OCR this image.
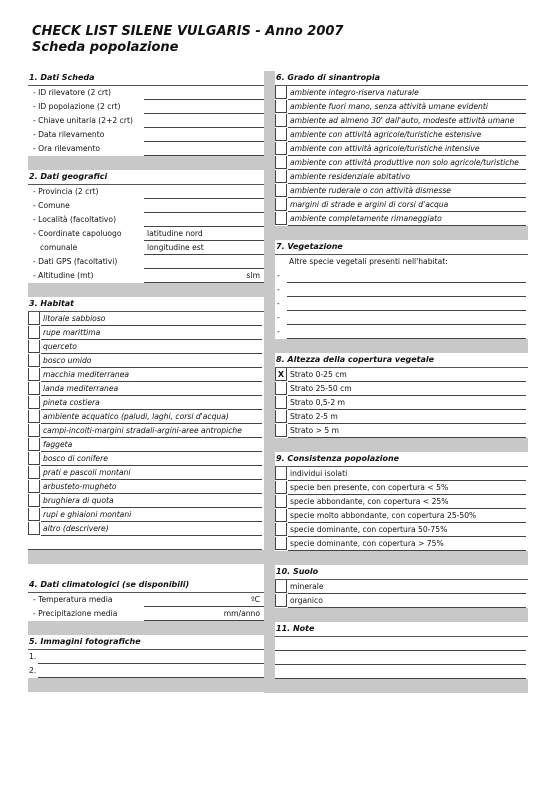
CHECK LIST SILENE VULGARIS - Anno 2007
Scheda popolazione
1. Dati Scheda
- ID rilevatore (2 crt)
- ID popolazione (2 crt)
- Chiave unitaria (2+2 crt)
- Data rilevamento
- Ora rilevamento
2. Dati geografici
- Provincia (2 crt)
- Comune
- Località (facoltativo)
- Coordinate capoluogo	latitudine nord
comunale	longitudine est
- Dati GPS (facoltativi)
- Altitudine (mt)	slm
3. Habitat
litorale sabbioso
rupe marittima
querceto
bosco umido
macchia mediterranea
landa mediterranea
pineta costiera
ambiente acquatico (paludi, laghi, corsi d'acqua)
campi-incolti-margini stradali-argini-aree antropiche
faggeta
bosco di conifere
prati e pascoli montani
arbusteto-mugheto
brughiera di quota
rupi e ghiaioni montani
altro (descrivere)
4. Dati climatologici (se disponibili)
- Temperatura media	ºC
- Precipitazione media	mm/anno
5. Immagini fotografiche
1.
2.
6. Grado di sinantropia
ambiente integro-riserva naturale
ambiente fuori mano, senza attività umane evidenti
ambiente ad almeno 30' dall'auto, modeste attività umane
ambiente con attività agricole/turistiche estensive
ambiente con attività agricole/turistiche intensive
ambiente con attività produttive non solo agricole/turistiche
ambiente residenziale abitativo
ambiente ruderale o con attività dismesse
margini di strade e argini di corsi d'acqua
ambiente completamente rimaneggiato
7. Vegetazione
Altre specie vegetali presenti nell'habitat:
-
-
-
-
-
8. Altezza della copertura vegetale
X Strato 0-25 cm
Strato 25-50 cm
Strato 0,5-2 m
Strato 2-5 m
Strato > 5 m
9. Consistenza popolazione
individui isolati
specie ben presente, con copertura < 5%
specie abbondante, con copertura < 25%
specie molto abbondante, con copertura 25-50%
specie dominante, con copertura 50-75%
specie dominante, con copertura > 75%
10. Suolo
minerale
organico
11. Note
